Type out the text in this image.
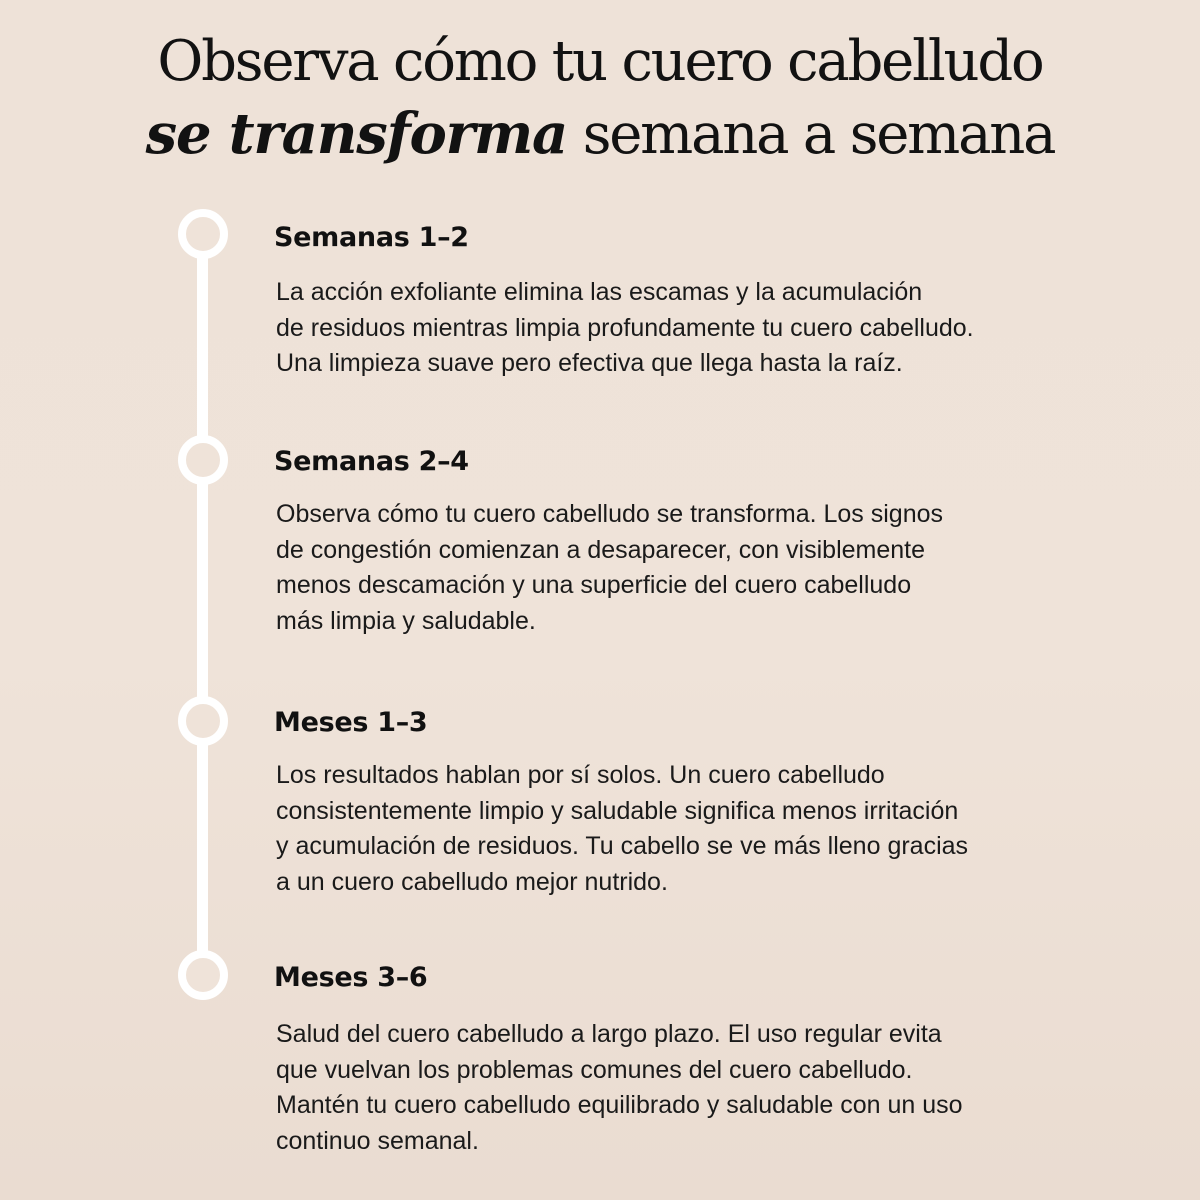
Observa cómo tu cuero cabelludo
se transforma semana a semana
Semanas 1–2

La acción exfoliante elimina las escamas y la acumulación
de residuos mientras limpia profundamente tu cuero cabelludo.
Una limpieza suave pero efectiva que llega hasta la raíz.

Semanas 2–4

Observa cómo tu cuero cabelludo se transforma. Los signos
de congestión comienzan a desaparecer, con visiblemente
menos descamación y una superficie del cuero cabelludo
más limpia y saludable.

Meses 1–3

Los resultados hablan por sí solos. Un cuero cabelludo
consistentemente limpio y saludable significa menos irritación
y acumulación de residuos. Tu cabello se ve más lleno gracias
a un cuero cabelludo mejor nutrido.

Meses 3–6

Salud del cuero cabelludo a largo plazo. El uso regular evita
que vuelvan los problemas comunes del cuero cabelludo.
Mantén tu cuero cabelludo equilibrado y saludable con un uso
continuo semanal.
